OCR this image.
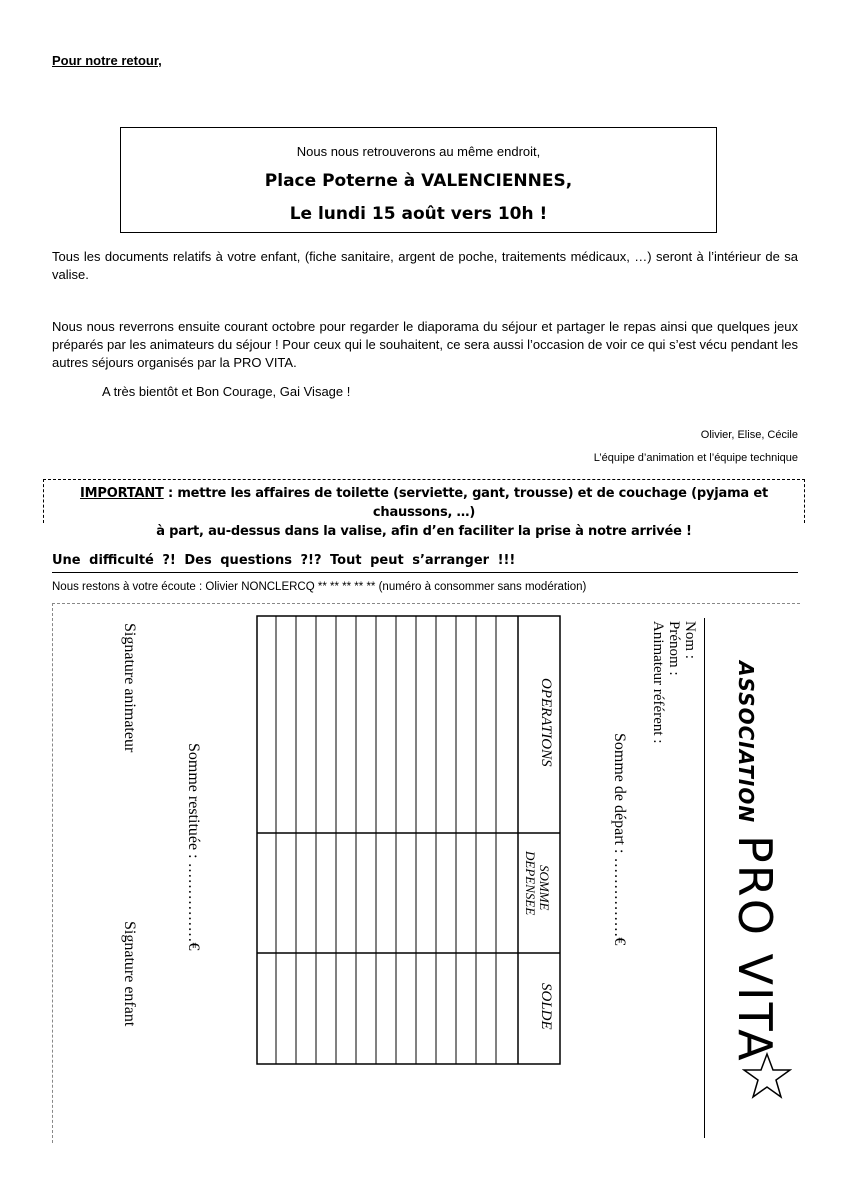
Pour notre retour,
Nous nous retrouverons au même endroit,
Place Poterne à VALENCIENNES,
Le lundi 15 août vers 10h !
Tous les documents relatifs à votre enfant, (fiche sanitaire, argent de poche, traitements médicaux, …) seront à l’intérieur de sa valise.
Nous nous reverrons ensuite courant octobre pour regarder le diaporama du séjour et partager le repas ainsi que quelques jeux préparés par les animateurs du séjour ! Pour ceux qui le souhaitent, ce sera aussi l’occasion de voir ce qui s’est vécu pendant les autres séjours organisés par la PRO VITA.
A très bientôt et Bon Courage, Gai Visage !
Olivier, Elise, Cécile
L’équipe d’animation et l’équipe technique
IMPORTANT : mettre les affaires de toilette (serviette, gant, trousse) et de couchage (pyjama et chaussons, …)
à part, au-dessus dans la valise, afin d’en faciliter la prise à notre arrivée !
Une difficulté ?! Des questions ?!? Tout peut s’arranger !!!
Nous restons à votre écoute : Olivier NONCLERCQ ** ** ** ** ** (numéro à consommer sans modération)
ASSOCIATION
PRO VITA
Nom :
Prénom :
Animateur référent :
Somme de départ : ……………€
OPERATIONS
SOMME
DEPENSEE
SOLDE
Somme restituée : ……………€
Signature animateur
Signature enfant
